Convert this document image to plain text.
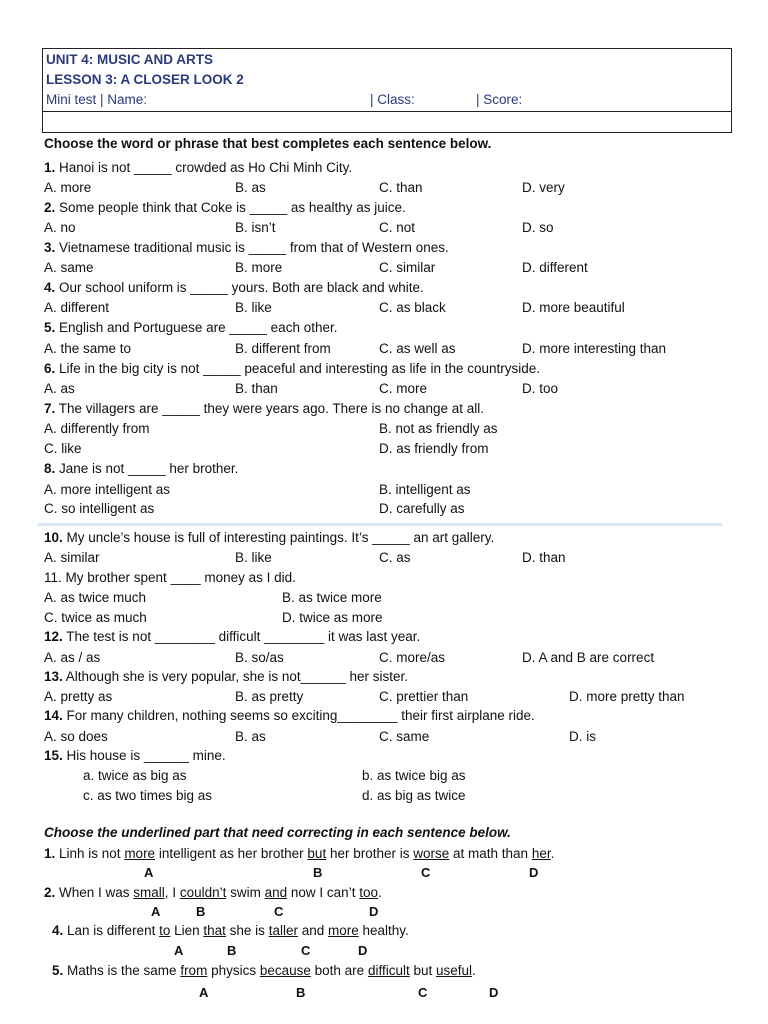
UNIT 4: MUSIC AND ARTS
LESSON 3: A CLOSER LOOK 2
Mini test | Name:	| Class:	| Score:
Choose the word or phrase that best completes each sentence below.
1. Hanoi is not _____ crowded as Ho Chi Minh City.
A. more	B. as	C. than	D. very
2. Some people think that Coke is _____ as healthy as juice.
A. no	B. isn’t	C. not	D. so
3. Vietnamese traditional music is _____ from that of Western ones.
A. same	B. more	C. similar	D. different
4. Our school uniform is _____ yours. Both are black and white.
A. different	B. like	C. as black	D. more beautiful
5. English and Portuguese are _____ each other.
A. the same to	B. different from	C. as well as	D. more interesting than
6. Life in the big city is not _____ peaceful and interesting as life in the countryside.
A. as	B. than	C. more	D. too
7. The villagers are _____ they were years ago. There is no change at all.
A. differently from	B. not as friendly as
C. like	D. as friendly from
8. Jane is not _____ her brother.
A. more intelligent as	B. intelligent as
C. so intelligent as	D. carefully as
10. My uncle’s house is full of interesting paintings. It’s _____ an art gallery.
A. similar	B. like	C. as	D. than
11. My brother spent ____ money as I did.
A. as twice much	B. as twice more
C. twice as much	D. twice as more
12. The test is not ________ difficult ________ it was last year.
A. as / as	B. so/as	C. more/as	D. A and B are correct
13. Although she is very popular, she is not______ her sister.
A. pretty as	B. as pretty	C. prettier than	D. more pretty than
14. For many children, nothing seems so exciting________ their first airplane ride.
A. so does	B. as	C. same	D. is
15. His house is ______ mine.
a. twice as big as	b. as twice big as
c. as two times big as	d. as big as twice
Choose the underlined part that need correcting in each sentence below.
1. Linh is not more intelligent as her brother but her brother is worse at math than her.
A	B	C	D
2. When I was small, I couldn’t swim and now I can’t too.
A	B	C	D
4. Lan is different to Lien that she is taller and more healthy.
A	B	C	D
5. Maths is the same from physics because both are difficult but useful.
A	B	C	D
